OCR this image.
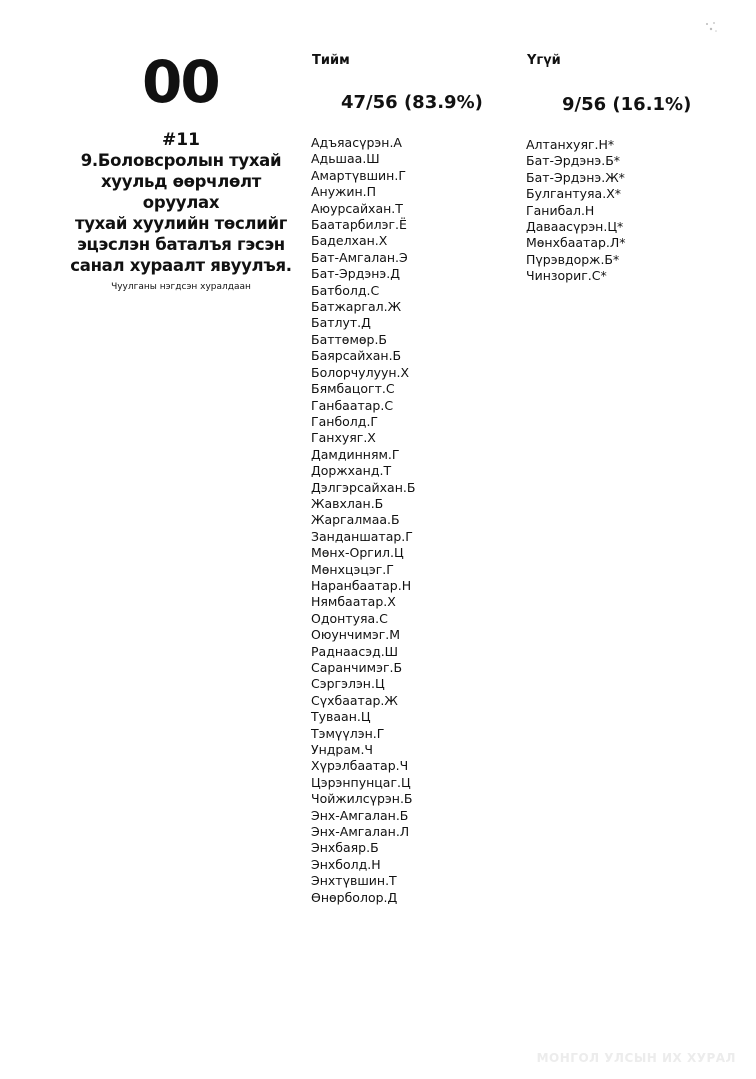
00
#11
9.Боловсролын тухай
хуульд өөрчлөлт оруулах
тухай хуулийн төслийг
эцэслэн баталъя гэсэн
санал хураалт явуулъя.
Чуулганы нэгдсэн хуралдаан
Тийм
47/56 (83.9%)
Адъяасүрэн.А
Адьшаа.Ш
Амартүвшин.Г
Анужин.П
Аюурсайхан.Т
Баатарбилэг.Ё
Баделхан.Х
Бат-Амгалан.Э
Бат-Эрдэнэ.Д
Батболд.С
Батжаргал.Ж
Батлут.Д
Баттөмөр.Б
Баярсайхан.Б
Болорчулуун.Х
Бямбацогт.С
Ганбаатар.С
Ганболд.Г
Ганхуяг.Х
Дамдинням.Г
Доржханд.Т
Дэлгэрсайхан.Б
Жавхлан.Б
Жаргалмаа.Б
Занданшатар.Г
Мөнх-Оргил.Ц
Мөнхцэцэг.Г
Наранбаатар.Н
Нямбаатар.Х
Одонтуяа.С
Оюунчимэг.М
Раднаасэд.Ш
Саранчимэг.Б
Сэргэлэн.Ц
Сүхбаатар.Ж
Туваан.Ц
Тэмүүлэн.Г
Ундрам.Ч
Хүрэлбаатар.Ч
Цэрэнпунцаг.Ц
Чойжилсүрэн.Б
Энх-Амгалан.Б
Энх-Амгалан.Л
Энхбаяр.Б
Энхболд.Н
Энхтүвшин.Т
Өнөрболор.Д
Үгүй
9/56 (16.1%)
Алтанхуяг.Н*
Бат-Эрдэнэ.Б*
Бат-Эрдэнэ.Ж*
Булгантуяа.Х*
Ганибал.Н
Даваасүрэн.Ц*
Мөнхбаатар.Л*
Пүрэвдорж.Б*
Чинзориг.С*
МОНГОЛ УЛСЫН ИХ ХУРАЛ
